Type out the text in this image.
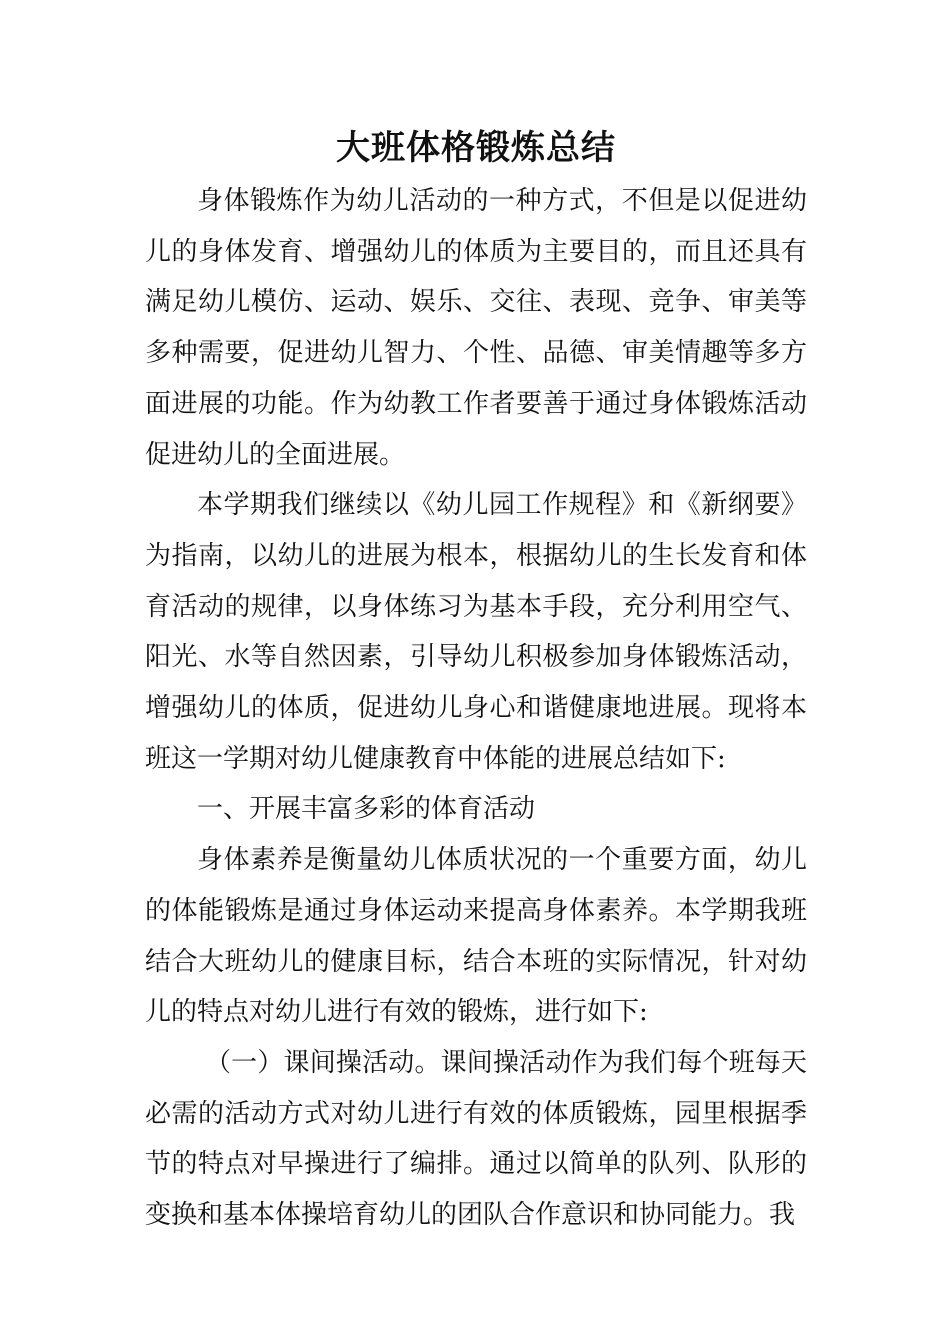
大班体格锻炼总结

身体锻炼作为幼儿活动的一种方式，不但是以促进幼儿的身体发育、增强幼儿的体质为主要目的，而且还具有满足幼儿模仿、运动、娱乐、交往、表现、竞争、审美等多种需要，促进幼儿智力、个性、品德、审美情趣等多方面进展的功能。作为幼教工作者要善于通过身体锻炼活动促进幼儿的全面进展。

本学期我们继续以《幼儿园工作规程》和《新纲要》为指南，以幼儿的进展为根本，根据幼儿的生长发育和体育活动的规律，以身体练习为基本手段，充分利用空气、阳光、水等自然因素，引导幼儿积极参加身体锻炼活动，增强幼儿的体质，促进幼儿身心和谐健康地进展。现将本班这一学期对幼儿健康教育中体能的进展总结如下:

一、开展丰富多彩的体育活动

身体素养是衡量幼儿体质状况的一个重要方面，幼儿的体能锻炼是通过身体运动来提高身体素养。本学期我班结合大班幼儿的健康目标，结合本班的实际情况，针对幼儿的特点对幼儿进行有效的锻炼，进行如下:

（一）课间操活动。课间操活动作为我们每个班每天必需的活动方式对幼儿进行有效的体质锻炼，园里根据季节的特点对早操进行了编排。通过以简单的队列、队形的变换和基本体操培育幼儿的团队合作意识和协同能力。我
